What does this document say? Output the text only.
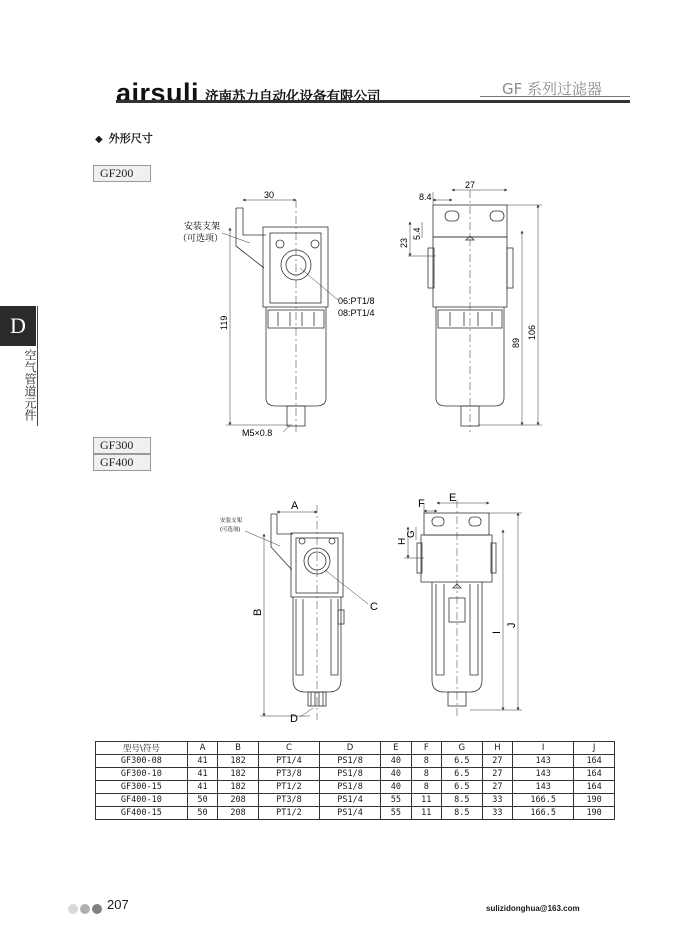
airsuli 济南苏力自动化设备有限公司	GF 系列过滤器
◆ 外形尺寸
GF200
GF300
GF400
D
空气管道元件
安装支架
（可选项）
30
119
06:PT1/8
08:PT1/4
M5×0.8
8.4
27
23
5.4
89
106
安装支架
(可选项)
A
B	C
D
F E
H
G
I
J
型号\符号	A	B	C	D	E	F	G	H	I	J
GF300-08	41	182	PT1/4	PS1/8	40	8	6.5	27	143	164
GF300-10	41	182	PT3/8	PS1/8	40	8	6.5	27	143	164
GF300-15	41	182	PT1/2	PS1/8	40	8	6.5	27	143	164
GF400-10	50	208	PT3/8	PS1/4	55	11	8.5	33	166.5	190
GF400-15	50	208	PT1/2	PS1/4	55	11	8.5	33	166.5	190
207	sulizidonghua@163.com
